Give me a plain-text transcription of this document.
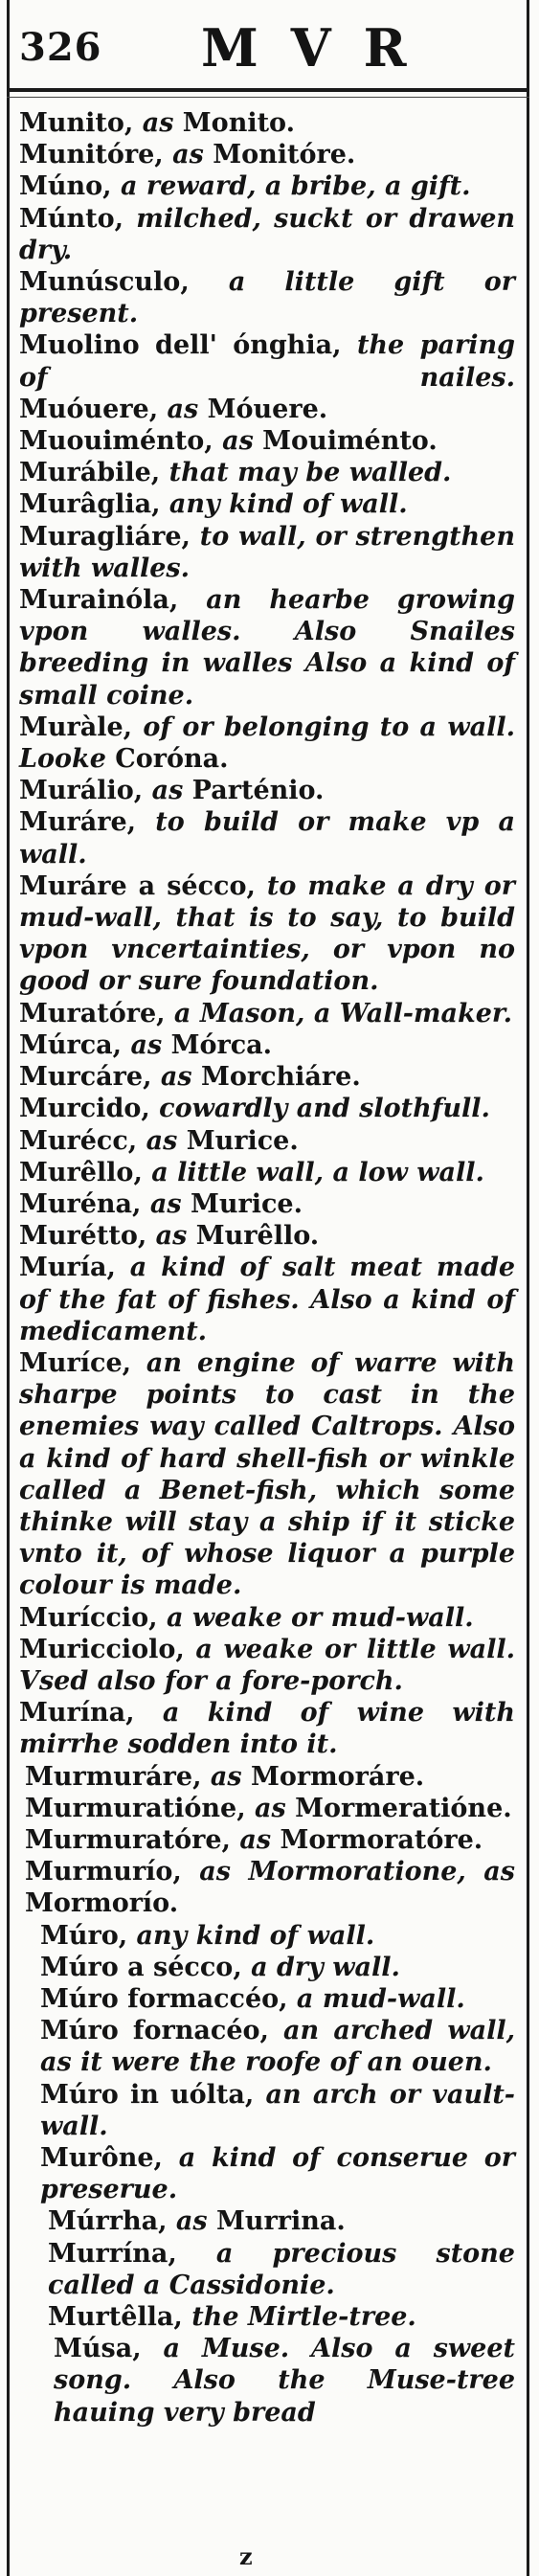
326 MVR
Munito, as Monito.
Munitóre, as Monitóre.
Múno, a reward, a bribe, a gift.
Múnto, milched, suckt or drawen dry.
Munúsculo, a little gift or present.
Muolino dell' ónghia, the paring of nailes.
Muóuere, as Móuere.
Muouiménto, as Mouiménto.
Murábile, that may be walled.
Murâglia, any kind of wall.
Muragliáre, to wall, or strengthen with walles.
Murainóla, an hearbe growing vpon walles. Also Snailes breeding in walles Also a kind of small coine.
Muràle, of or belonging to a wall. Looke Coróna.
Murálio, as Parténio.
Muráre, to build or make vp a wall.
Muráre a sécco, to make a dry or mud-wall, that is to say, to build vpon vncertainties, or vpon no good or sure foundation.
Muratóre, a Mason, a Wall-maker.
Múrca, as Mórca.
Murcáre, as Morchiáre.
Murcido, cowardly and slothfull.
Murécc, as Murice.
Murêllo, a little wall, a low wall.
Muréna, as Murice.
Murétto, as Murêllo.
Muría, a kind of salt meat made of the fat of fishes. Also a kind of medicament.
Muríce, an engine of warre with sharpe points to cast in the enemies way called Caltrops. Also a kind of hard shell-fish or winkle called a Benet-fish, which some thinke will stay a ship if it sticke vnto it, of whose liquor a purple colour is made.
Muríccio, a weake or mud-wall.
Muricciolo, a weake or little wall. Vsed also for a fore-porch.
Murína, a kind of wine with mirrhe sodden into it.
Murmuráre, as Mormoráre.
Murmuratióne, as Mormeratióne.
Murmuratóre, as Mormoratóre.
Murmurío, as Mormoratione, as Mormorío.
Múro, any kind of wall.
Múro a sécco, a dry wall.
Múro formaccéo, a mud-wall.
Múro fornacéo, an arched wall, as it were the roofe of an ouen.
Múro in uólta, an arch or vault-wall.
Murône, a kind of conserue or preserue.
Múrrha, as Murrina.
Murrína, a precious stone called a Cassidonie.
Murtêlla, the Mirtle-tree.
Músa, a Muse. Also a sweet song. Also the Muse-tree hauing very bread
z
